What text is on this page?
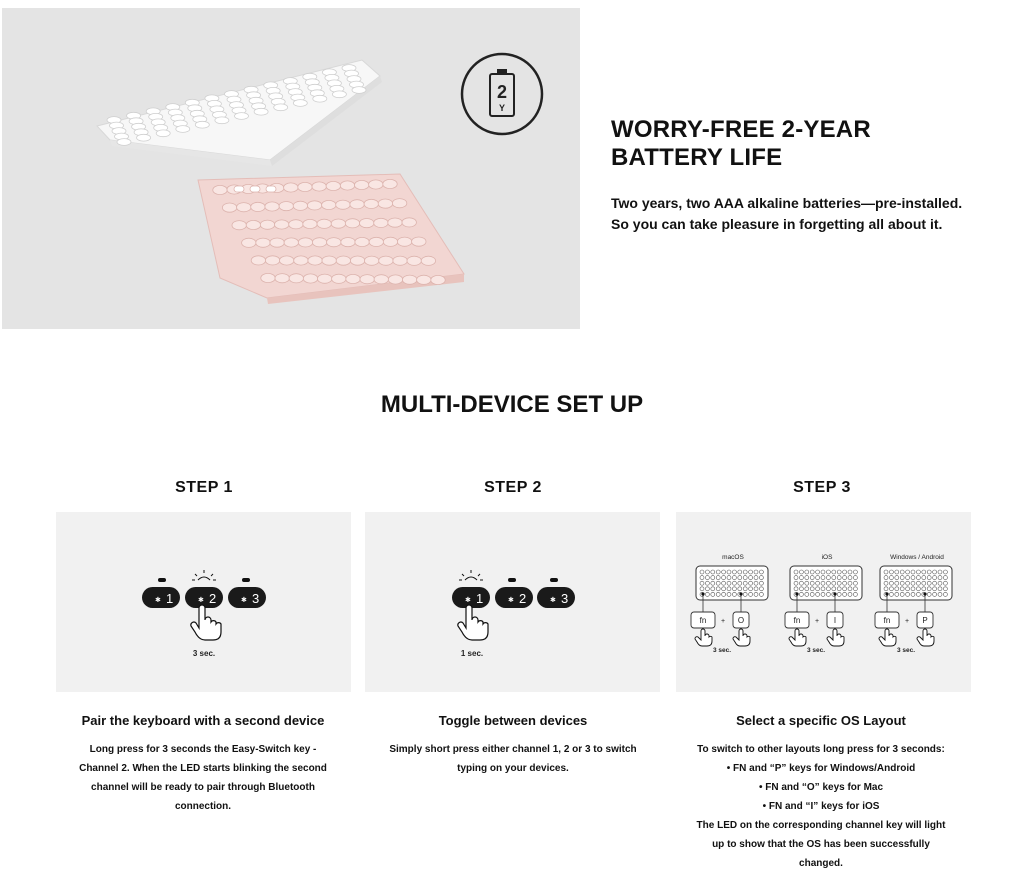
2
Y
WORRY-FREE 2-YEAR
BATTERY LIFE
Two years, two AAA alkaline batteries—pre-installed.
So you can take pleasure in forgetting all about it.
MULTI-DEVICE SET UP
STEP 1
✱	✱	✱
1	2	3
3 sec.
Pair the keyboard with a second device
Long press for 3 seconds the Easy-Switch key -
Channel 2. When the LED starts blinking the second
channel will be ready to pair through Bluetooth
connection.
STEP 2
✱	✱	✱
1	2	3
1 sec.
Toggle between devices
Simply short press either channel 1, 2 or 3 to switch
typing on your devices.
STEP 3
macOS
fn + O
3 sec.
iOS
fn + I
3 sec.
Windows / Android
fn + P
3 sec.
Select a specific OS Layout
To switch to other layouts long press for 3 seconds:
• FN and “P” keys for Windows/Android
• FN and “O” keys for Mac
• FN and “I” keys for iOS
The LED on the corresponding channel key will light
up to show that the OS has been successfully
changed.
